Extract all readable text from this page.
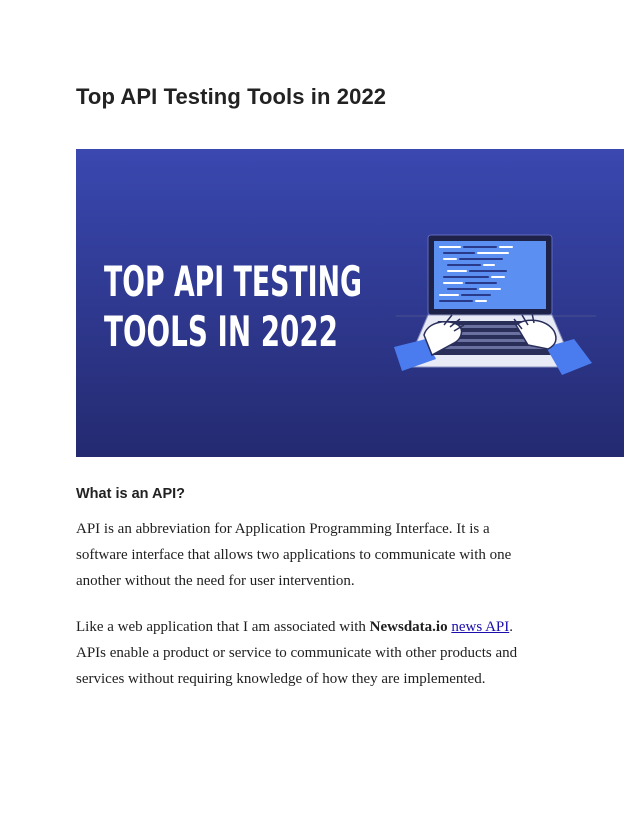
Top API Testing Tools in 2022
TOP API TESTING
TOOLS IN 2022
What is an API?

API is an abbreviation for Application Programming Interface. It is a
software interface that allows two applications to communicate with one
another without the need for user intervention.

Like a web application that I am associated with Newsdata.io news API.
APIs enable a product or service to communicate with other products and
services without requiring knowledge of how they are implemented.
